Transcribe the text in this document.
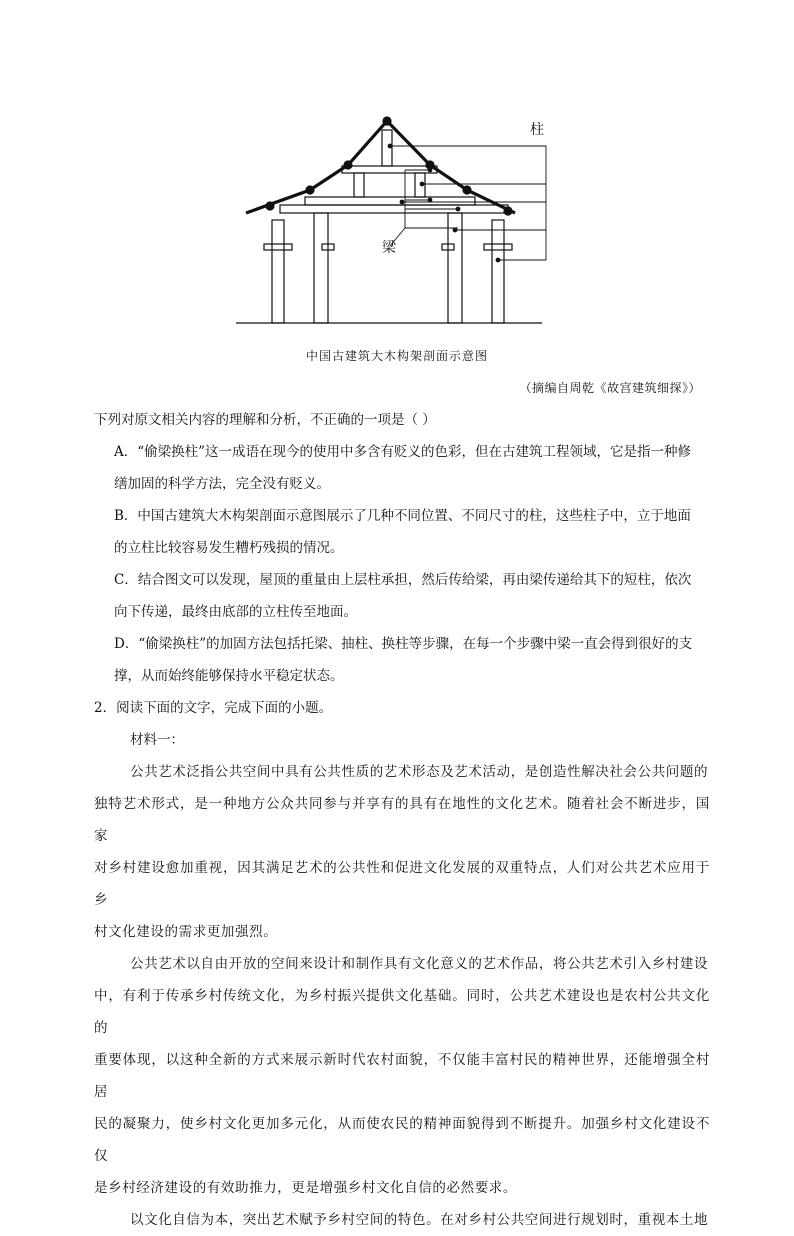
柱
梁
中国古建筑大木构架剖面示意图
（摘编自周乾《故宫建筑细探》）

下列对原文相关内容的理解和分析，不正确的一项是（ ）

A．“偷梁换柱”这一成语在现今的使用中多含有贬义的色彩，但在古建筑工程领域，它是指一种修
缮加固的科学方法，完全没有贬义。
B．中国古建筑大木构架剖面示意图展示了几种不同位置、不同尺寸的柱，这些柱子中，立于地面
的立柱比较容易发生糟朽残损的情况。
C．结合图文可以发现，屋顶的重量由上层柱承担，然后传给梁，再由梁传递给其下的短柱，依次
向下传递，最终由底部的立柱传至地面。
D．“偷梁换柱”的加固方法包括托梁、抽柱、换柱等步骤，在每一个步骤中梁一直会得到很好的支
撑，从而始终能够保持水平稳定状态。

2．阅读下面的文字，完成下面的小题。

材料一：

公共艺术泛指公共空间中具有公共性质的艺术形态及艺术活动，是创造性解决社会公共问题的
独特艺术形式，是一种地方公众共同参与并享有的具有在地性的文化艺术。随着社会不断进步，国家
对乡村建设愈加重视，因其满足艺术的公共性和促进文化发展的双重特点，人们对公共艺术应用于乡
村文化建设的需求更加强烈。
公共艺术以自由开放的空间来设计和制作具有文化意义的艺术作品，将公共艺术引入乡村建设
中，有利于传承乡村传统文化，为乡村振兴提供文化基础。同时，公共艺术建设也是农村公共文化的
重要体现，以这种全新的方式来展示新时代农村面貌，不仅能丰富村民的精神世界，还能增强全村居
民的凝聚力，使乡村文化更加多元化，从而使农民的精神面貌得到不断提升。加强乡村文化建设不仅
是乡村经济建设的有效助推力，更是增强乡村文化自信的必然要求。
以文化自信为本，突出艺术赋予乡村空间的特色。在对乡村公共空间进行规划时，重视本土地
